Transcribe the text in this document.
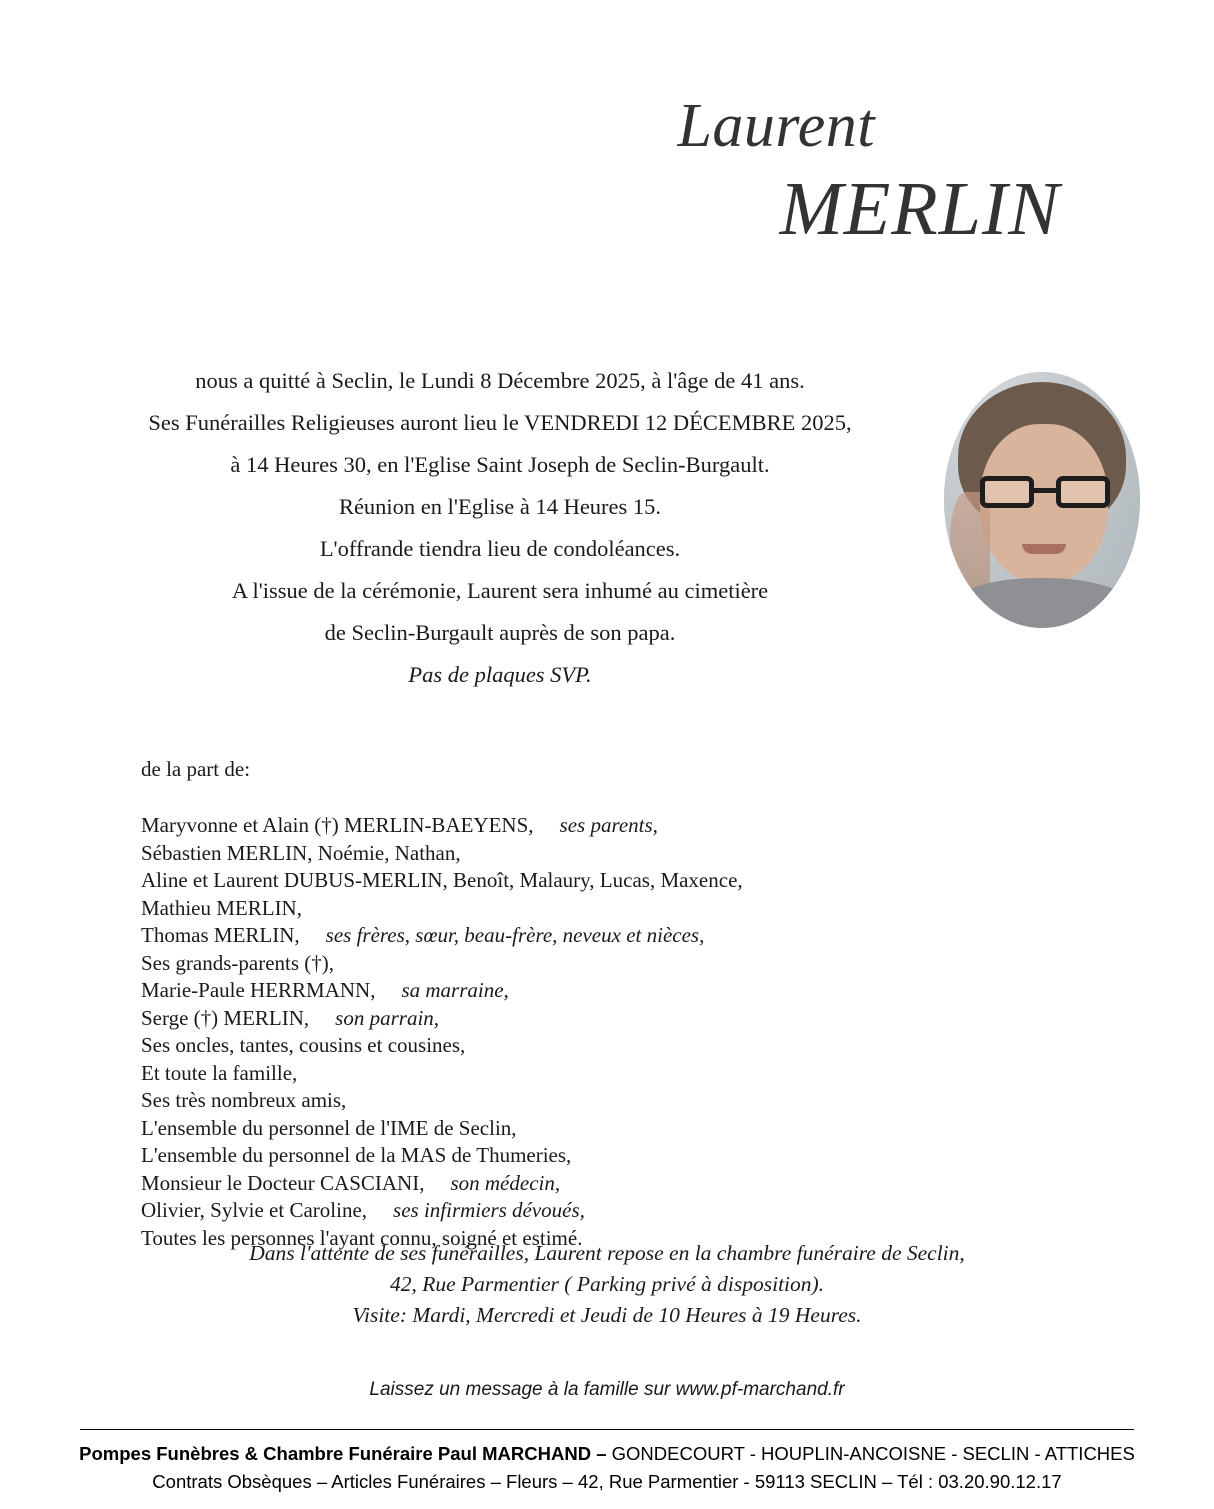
Laurent
MERLIN
nous a quitté à Seclin, le Lundi 8 Décembre 2025, à l'âge de 41 ans.
Ses Funérailles Religieuses auront lieu le VENDREDI 12 DÉCEMBRE 2025,
à 14 Heures 30, en l'Eglise Saint Joseph de Seclin-Burgault.
Réunion en l'Eglise à 14 Heures 15.
L'offrande tiendra lieu de condoléances.
A l'issue de la cérémonie, Laurent sera inhumé au cimetière
de Seclin-Burgault auprès de son papa.
Pas de plaques SVP.
de la part de:
Maryvonne et Alain (†) MERLIN-BAEYENS, ses parents,
Sébastien MERLIN, Noémie, Nathan,
Aline et Laurent DUBUS-MERLIN, Benoît, Malaury, Lucas, Maxence,
Mathieu MERLIN,
Thomas MERLIN, ses frères, sœur, beau-frère, neveux et nièces,
Ses grands-parents (†),
Marie-Paule HERRMANN, sa marraine,
Serge (†) MERLIN, son parrain,
Ses oncles, tantes, cousins et cousines,
Et toute la famille,
Ses très nombreux amis,
L'ensemble du personnel de l'IME de Seclin,
L'ensemble du personnel de la MAS de Thumeries,
Monsieur le Docteur CASCIANI, son médecin,
Olivier, Sylvie et Caroline, ses infirmiers dévoués,
Toutes les personnes l'ayant connu, soigné et estimé.
Dans l'attente de ses funérailles, Laurent repose en la chambre funéraire de Seclin,
42, Rue Parmentier ( Parking privé à disposition).
Visite: Mardi, Mercredi et Jeudi de 10 Heures à 19 Heures.
Laissez un message à la famille sur www.pf-marchand.fr
Pompes Funèbres & Chambre Funéraire Paul MARCHAND – GONDECOURT - HOUPLIN-ANCOISNE - SECLIN - ATTICHES
Contrats Obsèques – Articles Funéraires – Fleurs – 42, Rue Parmentier - 59113 SECLIN – Tél : 03.20.90.12.17
